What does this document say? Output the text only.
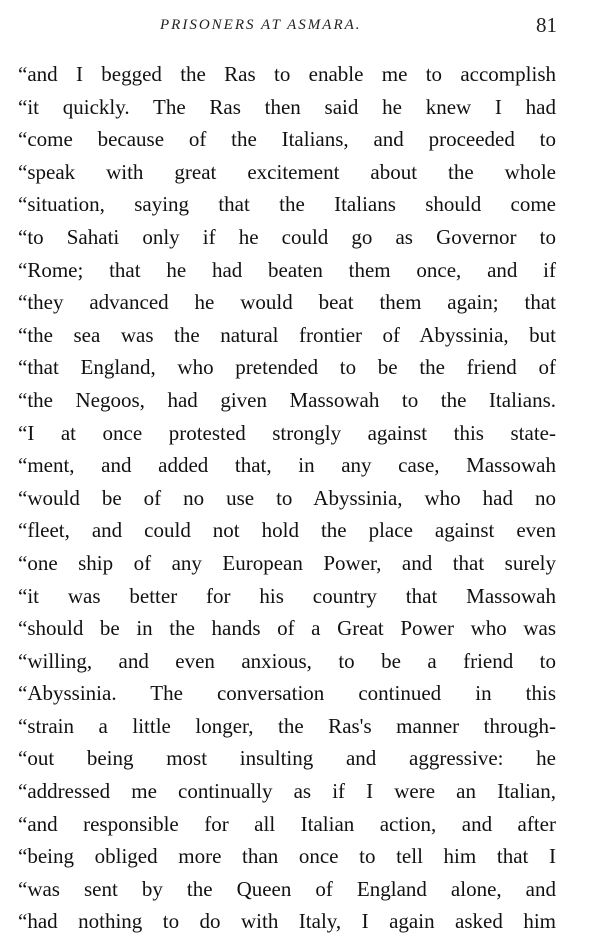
PRISONERS AT ASMARA.	81
“and I begged the Ras to enable me to accomplish
“it quickly. The Ras then said he knew I had
“come because of the Italians, and proceeded to
“speak with great excitement about the whole
“situation, saying that the Italians should come
“to Sahati only if he could go as Governor to
“Rome; that he had beaten them once, and if
“they advanced he would beat them again; that
“the sea was the natural frontier of Abyssinia, but
“that England, who pretended to be the friend of
“the Negoos, had given Massowah to the Italians.
“I at once protested strongly against this state-
“ment, and added that, in any case, Massowah
“would be of no use to Abyssinia, who had no
“fleet, and could not hold the place against even
“one ship of any European Power, and that surely
“it was better for his country that Massowah
“should be in the hands of a Great Power who was
“willing, and even anxious, to be a friend to
“Abyssinia. The conversation continued in this
“strain a little longer, the Ras's manner through-
“out being most insulting and aggressive: he
“addressed me continually as if I were an Italian,
“and responsible for all Italian action, and after
“being obliged more than once to tell him that I
“was sent by the Queen of England alone, and
“had nothing to do with Italy, I again asked him
